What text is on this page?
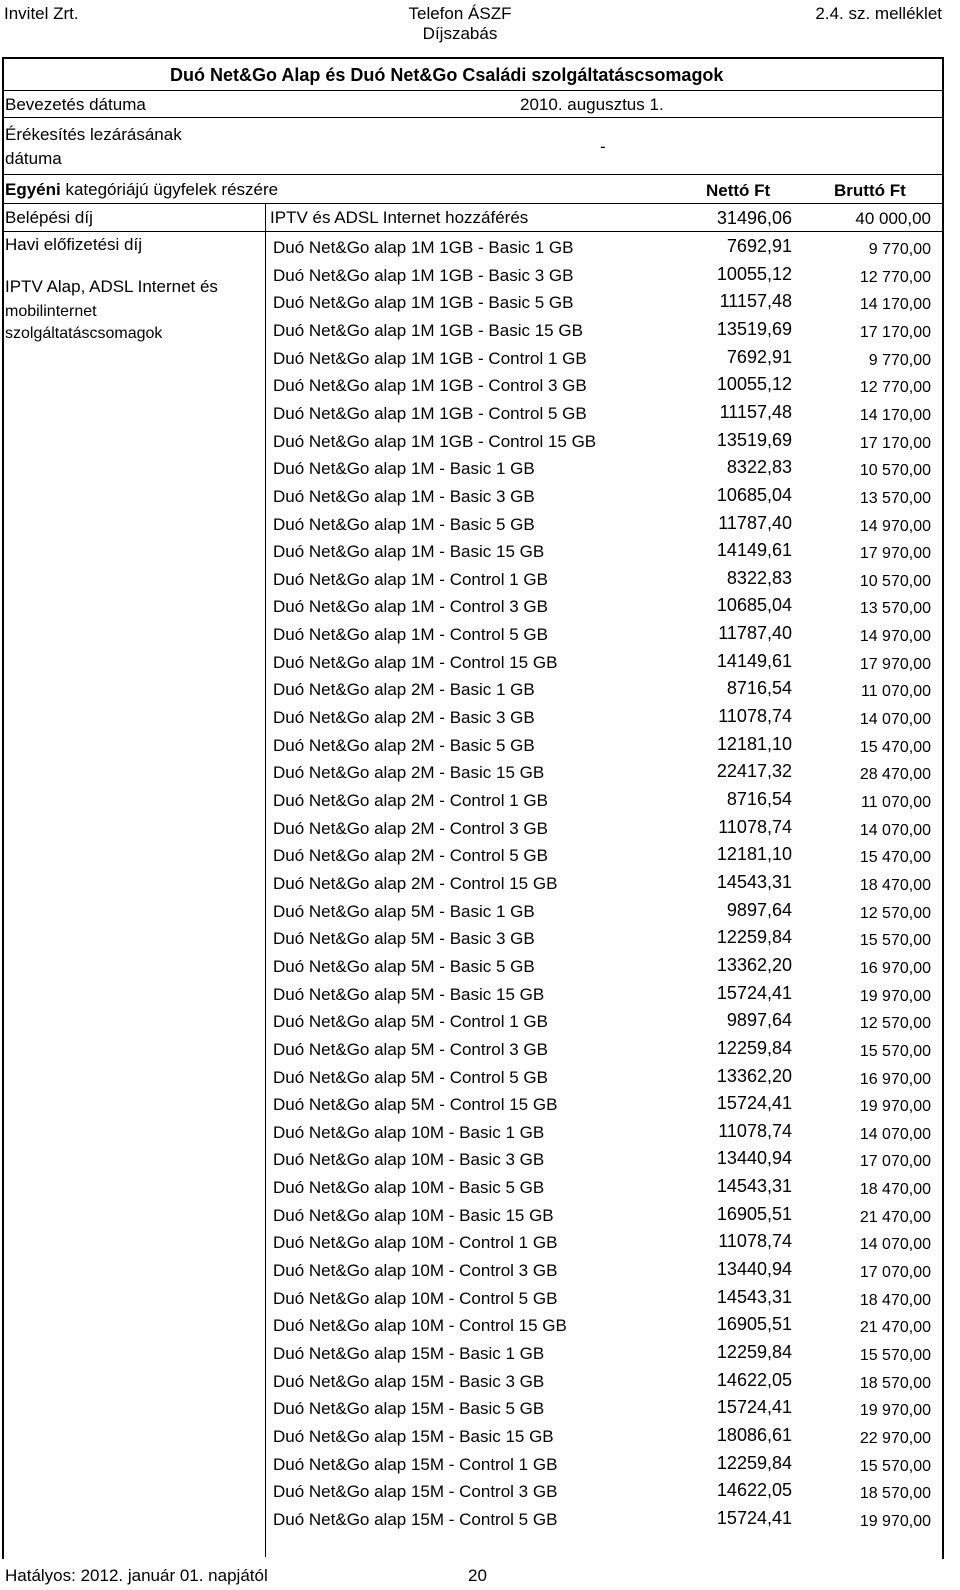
Invitel Zrt.	Telefon ÁSZF
Díjszabás
2.4. sz. melléklet
Duó Net&Go Alap és Duó Net&Go Családi szolgáltatáscsomagok
Bevezetés dátuma	2010. augusztus 1.
Érékesítés lezárásának
dátuma
-
Egyéni kategóriájú ügyfelek részére	Nettó Ft	Bruttó Ft
Belépési díj	IPTV és ADSL Internet hozzáférés	31496,06	40 000,00
Havi előfizetési díj
IPTV Alap, ADSL Internet és
mobilinternet
szolgáltatáscsomagok
Duó Net&Go alap 1M 1GB - Basic 1 GB	7692,91	9 770,00
Duó Net&Go alap 1M 1GB - Basic 3 GB	10055,12	12 770,00
Duó Net&Go alap 1M 1GB - Basic 5 GB	11157,48	14 170,00
Duó Net&Go alap 1M 1GB - Basic 15 GB	13519,69	17 170,00
Duó Net&Go alap 1M 1GB - Control 1 GB	7692,91	9 770,00
Duó Net&Go alap 1M 1GB - Control 3 GB	10055,12	12 770,00
Duó Net&Go alap 1M 1GB - Control 5 GB	11157,48	14 170,00
Duó Net&Go alap 1M 1GB - Control 15 GB	13519,69	17 170,00
Duó Net&Go alap 1M - Basic 1 GB	8322,83	10 570,00
Duó Net&Go alap 1M - Basic 3 GB	10685,04	13 570,00
Duó Net&Go alap 1M - Basic 5 GB	11787,40	14 970,00
Duó Net&Go alap 1M - Basic 15 GB	14149,61	17 970,00
Duó Net&Go alap 1M - Control 1 GB	8322,83	10 570,00
Duó Net&Go alap 1M - Control 3 GB	10685,04	13 570,00
Duó Net&Go alap 1M - Control 5 GB	11787,40	14 970,00
Duó Net&Go alap 1M - Control 15 GB	14149,61	17 970,00
Duó Net&Go alap 2M - Basic 1 GB	8716,54	11 070,00
Duó Net&Go alap 2M - Basic 3 GB	11078,74	14 070,00
Duó Net&Go alap 2M - Basic 5 GB	12181,10	15 470,00
Duó Net&Go alap 2M - Basic 15 GB	22417,32	28 470,00
Duó Net&Go alap 2M - Control 1 GB	8716,54	11 070,00
Duó Net&Go alap 2M - Control 3 GB	11078,74	14 070,00
Duó Net&Go alap 2M - Control 5 GB	12181,10	15 470,00
Duó Net&Go alap 2M - Control 15 GB	14543,31	18 470,00
Duó Net&Go alap 5M - Basic 1 GB	9897,64	12 570,00
Duó Net&Go alap 5M - Basic 3 GB	12259,84	15 570,00
Duó Net&Go alap 5M - Basic 5 GB	13362,20	16 970,00
Duó Net&Go alap 5M - Basic 15 GB	15724,41	19 970,00
Duó Net&Go alap 5M - Control 1 GB	9897,64	12 570,00
Duó Net&Go alap 5M - Control 3 GB	12259,84	15 570,00
Duó Net&Go alap 5M - Control 5 GB	13362,20	16 970,00
Duó Net&Go alap 5M - Control 15 GB	15724,41	19 970,00
Duó Net&Go alap 10M - Basic 1 GB	11078,74	14 070,00
Duó Net&Go alap 10M - Basic 3 GB	13440,94	17 070,00
Duó Net&Go alap 10M - Basic 5 GB	14543,31	18 470,00
Duó Net&Go alap 10M - Basic 15 GB	16905,51	21 470,00
Duó Net&Go alap 10M - Control 1 GB	11078,74	14 070,00
Duó Net&Go alap 10M - Control 3 GB	13440,94	17 070,00
Duó Net&Go alap 10M - Control 5 GB	14543,31	18 470,00
Duó Net&Go alap 10M - Control 15 GB	16905,51	21 470,00
Duó Net&Go alap 15M - Basic 1 GB	12259,84	15 570,00
Duó Net&Go alap 15M - Basic 3 GB	14622,05	18 570,00
Duó Net&Go alap 15M - Basic 5 GB	15724,41	19 970,00
Duó Net&Go alap 15M - Basic 15 GB	18086,61	22 970,00
Duó Net&Go alap 15M - Control 1 GB	12259,84	15 570,00
Duó Net&Go alap 15M - Control 3 GB	14622,05	18 570,00
Duó Net&Go alap 15M - Control 5 GB	15724,41	19 970,00
Hatályos: 2012. január 01. napjától	20
